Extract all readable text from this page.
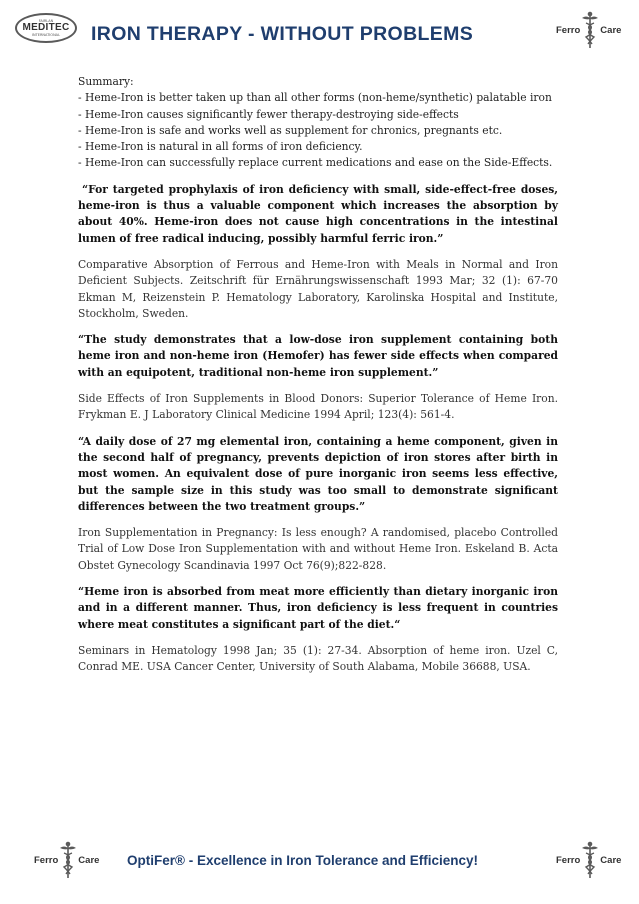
FAIRLAN
MEDITEC
INTERNATIONAL IRON THERAPY - WITHOUT PROBLEMS	Ferro Care

Summary:

- Heme-Iron is better taken up than all other forms (non-heme/synthetic) palatable iron
- Heme-Iron causes significantly fewer therapy-destroying side-effects
- Heme-Iron is safe and works well as supplement for chronics, pregnants etc.
- Heme-Iron is natural in all forms of iron deficiency.
- Heme-Iron can successfully replace current medications and ease on the Side-Effects.

“For targeted prophylaxis of iron deficiency with small, side-effect-free doses, heme-iron is thus a valuable component which increases the absorption by about 40%. Heme-iron does not cause high concentrations in the intestinal lumen of free radical inducing, possibly harmful ferric iron.”

Comparative Absorption of Ferrous and Heme-Iron with Meals in Normal and Iron Deficient Subjects. Zeitschrift für Ernährungswissenschaft 1993 Mar; 32 (1): 67-70 Ekman M, Reizenstein P. Hematology Laboratory, Karolinska Hospital and Institute, Stockholm, Sweden.

“The study demonstrates that a low-dose iron supplement containing both heme iron and non-heme iron (Hemofer) has fewer side effects when compared with an equipotent, traditional non-heme iron supplement.”

Side Effects of Iron Supplements in Blood Donors: Superior Tolerance of Heme Iron. Frykman E. J Laboratory Clinical Medicine 1994 April; 123(4): 561-4.

“A daily dose of 27 mg elemental iron, containing a heme component, given in the second half of pregnancy, prevents depiction of iron stores after birth in most women. An equivalent dose of pure inorganic iron seems less effective, but the sample size in this study was too small to demonstrate significant differences between the two treatment groups.”

Iron Supplementation in Pregnancy: Is less enough? A randomised, placebo Controlled Trial of Low Dose Iron Supplementation with and without Heme Iron. Eskeland B. Acta Obstet Gynecology Scandinavia 1997 Oct 76(9);822-828.

“Heme iron is absorbed from meat more efficiently than dietary inorganic iron and in a different manner. Thus, iron deficiency is less frequent in countries where meat constitutes a significant part of the diet.“

Seminars in Hematology 1998 Jan; 35 (1): 27-34. Absorption of heme iron. Uzel C, Conrad ME. USA Cancer Center, University of South Alabama, Mobile 36688, USA.

Ferro Care OptiFer® - Excellence in Iron Tolerance and Efficiency!	Ferro Care
